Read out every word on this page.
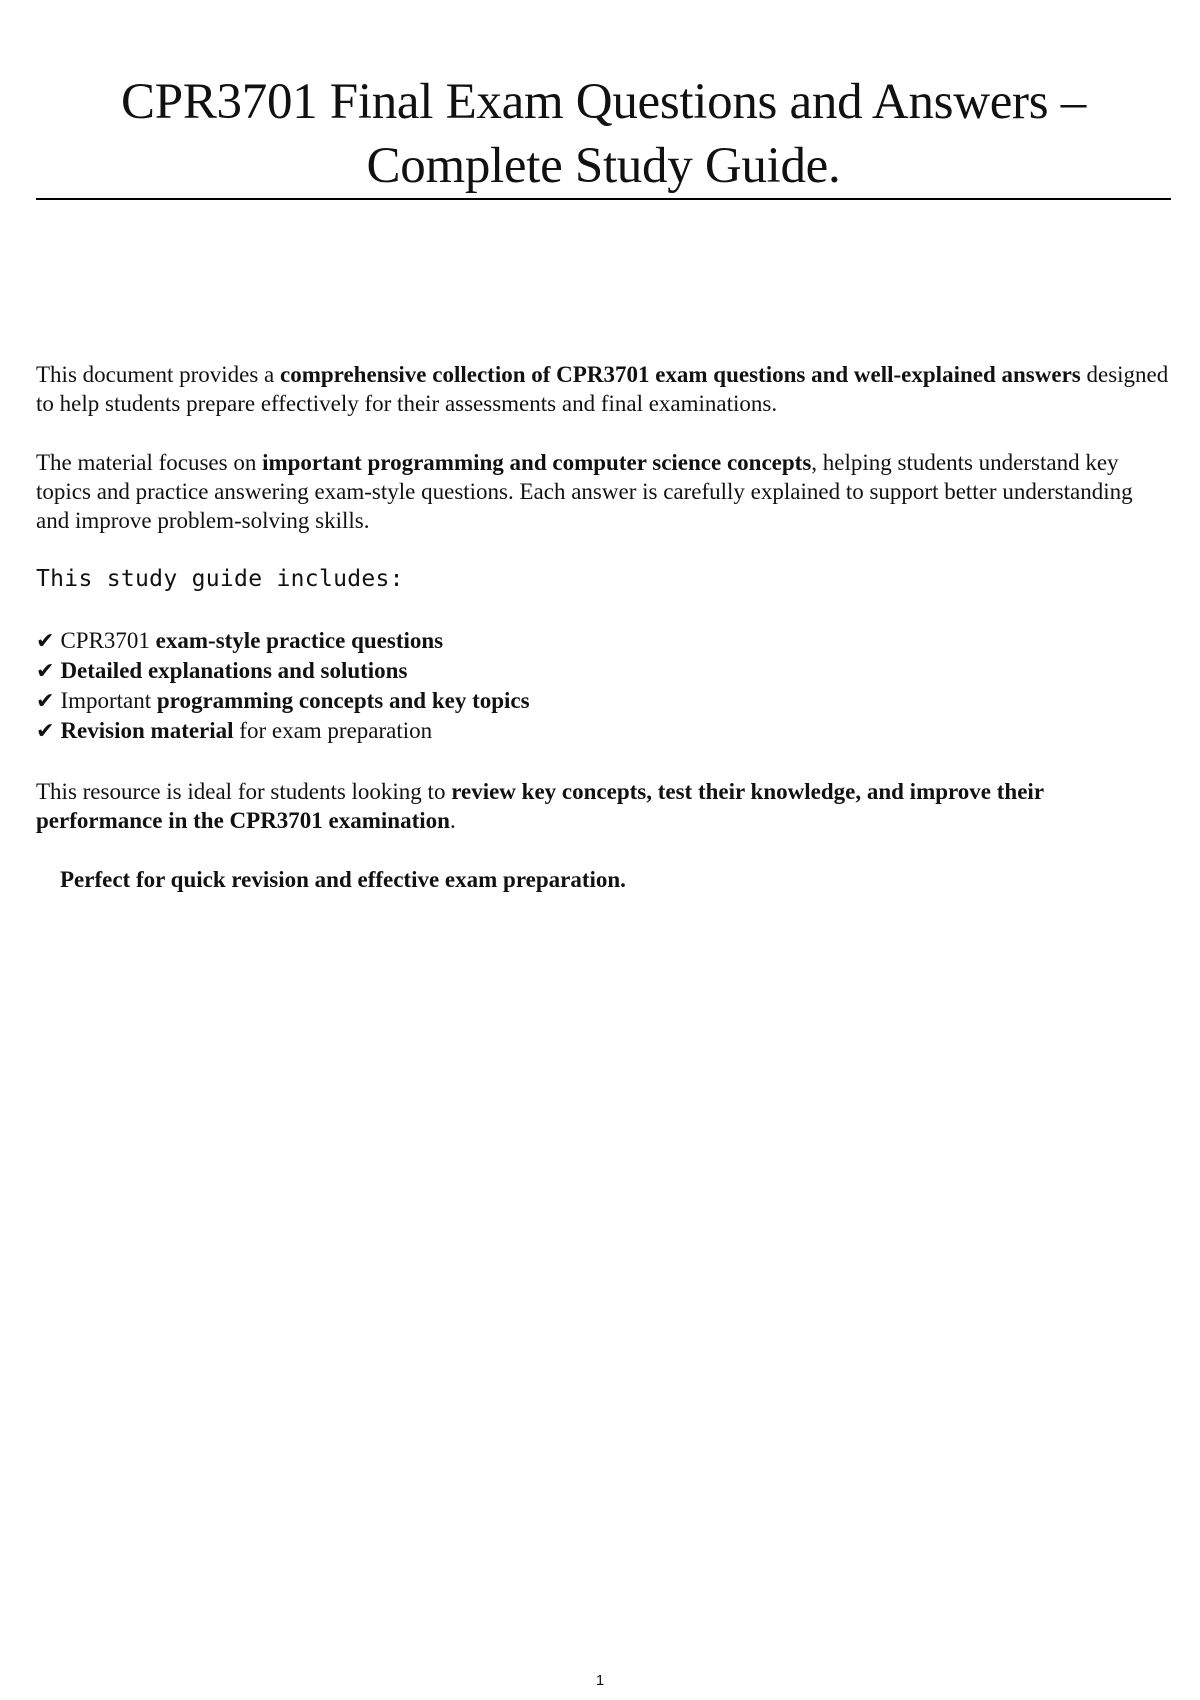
CPR3701 Final Exam Questions and Answers – Complete Study Guide.

This document provides a comprehensive collection of CPR3701 exam questions and well-explained answers designed to help students prepare effectively for their assessments and final examinations.

The material focuses on important programming and computer science concepts, helping students understand key topics and practice answering exam-style questions. Each answer is carefully explained to support better understanding and improve problem-solving skills.

This study guide includes:
✔ CPR3701 exam-style practice questions
✔ Detailed explanations and solutions
✔ Important programming concepts and key topics
✔ Revision material for exam preparation

This resource is ideal for students looking to review key concepts, test their knowledge, and improve their performance in the CPR3701 examination.

Perfect for quick revision and effective exam preparation.

1
